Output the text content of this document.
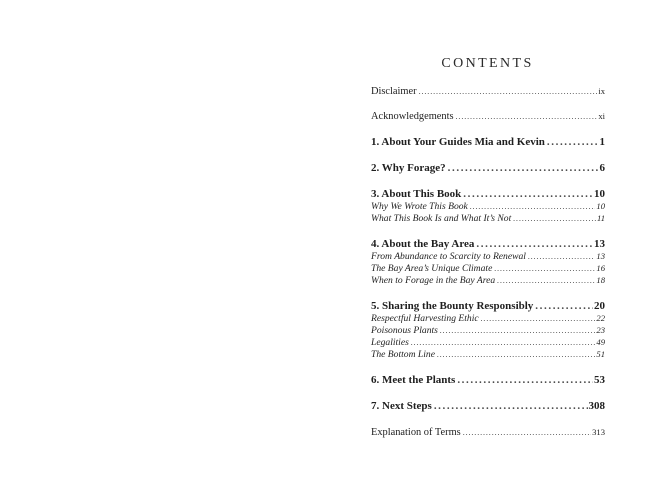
CONTENTS
Disclaimer .....	ix
Acknowledgements .....	xi
1. About Your Guides Mia and Kevin .....	1
2. Why Forage? .....	6
3. About This Book .....	10
Why We Wrote This Book .....	10
What This Book Is and What It’s Not .....	11
4. About the Bay Area .....	13
From Abundance to Scarcity to Renewal .....	13
The Bay Area’s Unique Climate .....	16
When to Forage in the Bay Area .....	18
5. Sharing the Bounty Responsibly .....	20
Respectful Harvesting Ethic .....	22
Poisonous Plants .....	23
Legalities .....	49
The Bottom Line .....	51
6. Meet the Plants .....	53
7. Next Steps .....	308
Explanation of Terms .....	313
